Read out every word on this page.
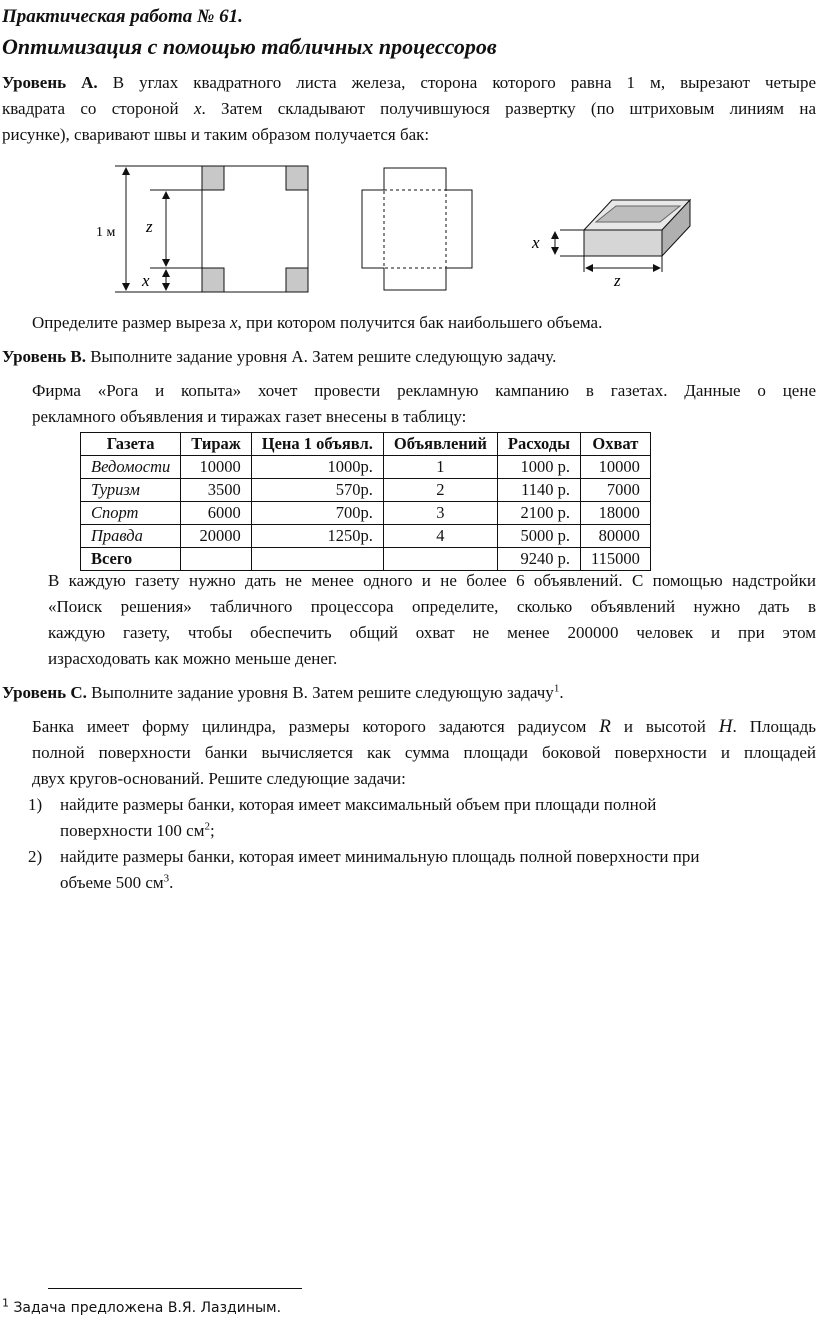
Практическая работа № 61.
Оптимизация с помощью табличных процессоров

Уровень А. В углах квадратного листа железа, сторона которого равна 1 м, вырезают четыре

квадрата со стороной x. Затем складывают получившуюся развертку (по штриховым линиям на

рисунке), сваривают швы и таким образом получается бак:

1 м z
x
x
z
Определите размер выреза x, при котором получится бак наибольшего объема.
Уровень B. Выполните задание уровня А. Затем решите следующую задачу.

Фирма «Рога и копыта» хочет провести рекламную кампанию в газетах. Данные о цене

рекламного объявления и тиражах газет внесены в таблицу:

Газета	Тираж	Цена 1 объявл.	Объявлений	Расходы	Охват
Ведомости	10000	1000р.	1	1000 р.	10000
Туризм	3500	570р.	2	1140 р.	7000
Спорт	6000	700р.	3	2100 р.	18000
Правда	20000	1250р.	4	5000 р.	80000
Всего				9240 р.	115000

В каждую газету нужно дать не менее одного и не более 6 объявлений. С помощью надстройки

«Поиск решения» табличного процессора определите, сколько объявлений нужно дать в

каждую газету, чтобы обеспечить общий охват не менее 200000 человек и при этом

израсходовать как можно меньше денег.

Уровень С. Выполните задание уровня В. Затем решите следующую задачу$^1$.

Банка имеет форму цилиндра, размеры которого задаются радиусом R и высотой H. Площадь

полной поверхности банки вычисляется как сумма площади боковой поверхности и площадей

двух кругов-оснований. Решите следующие задачи:

1) найдите размеры банки, которая имеет максимальный объем при площади полной

поверхности 100 $см^2$;

2) найдите размеры банки, которая имеет минимальную площадь полной поверхности при

объеме 500 $см^3$.

$^1$ Задача предложена В.Я. Лаздиным.
